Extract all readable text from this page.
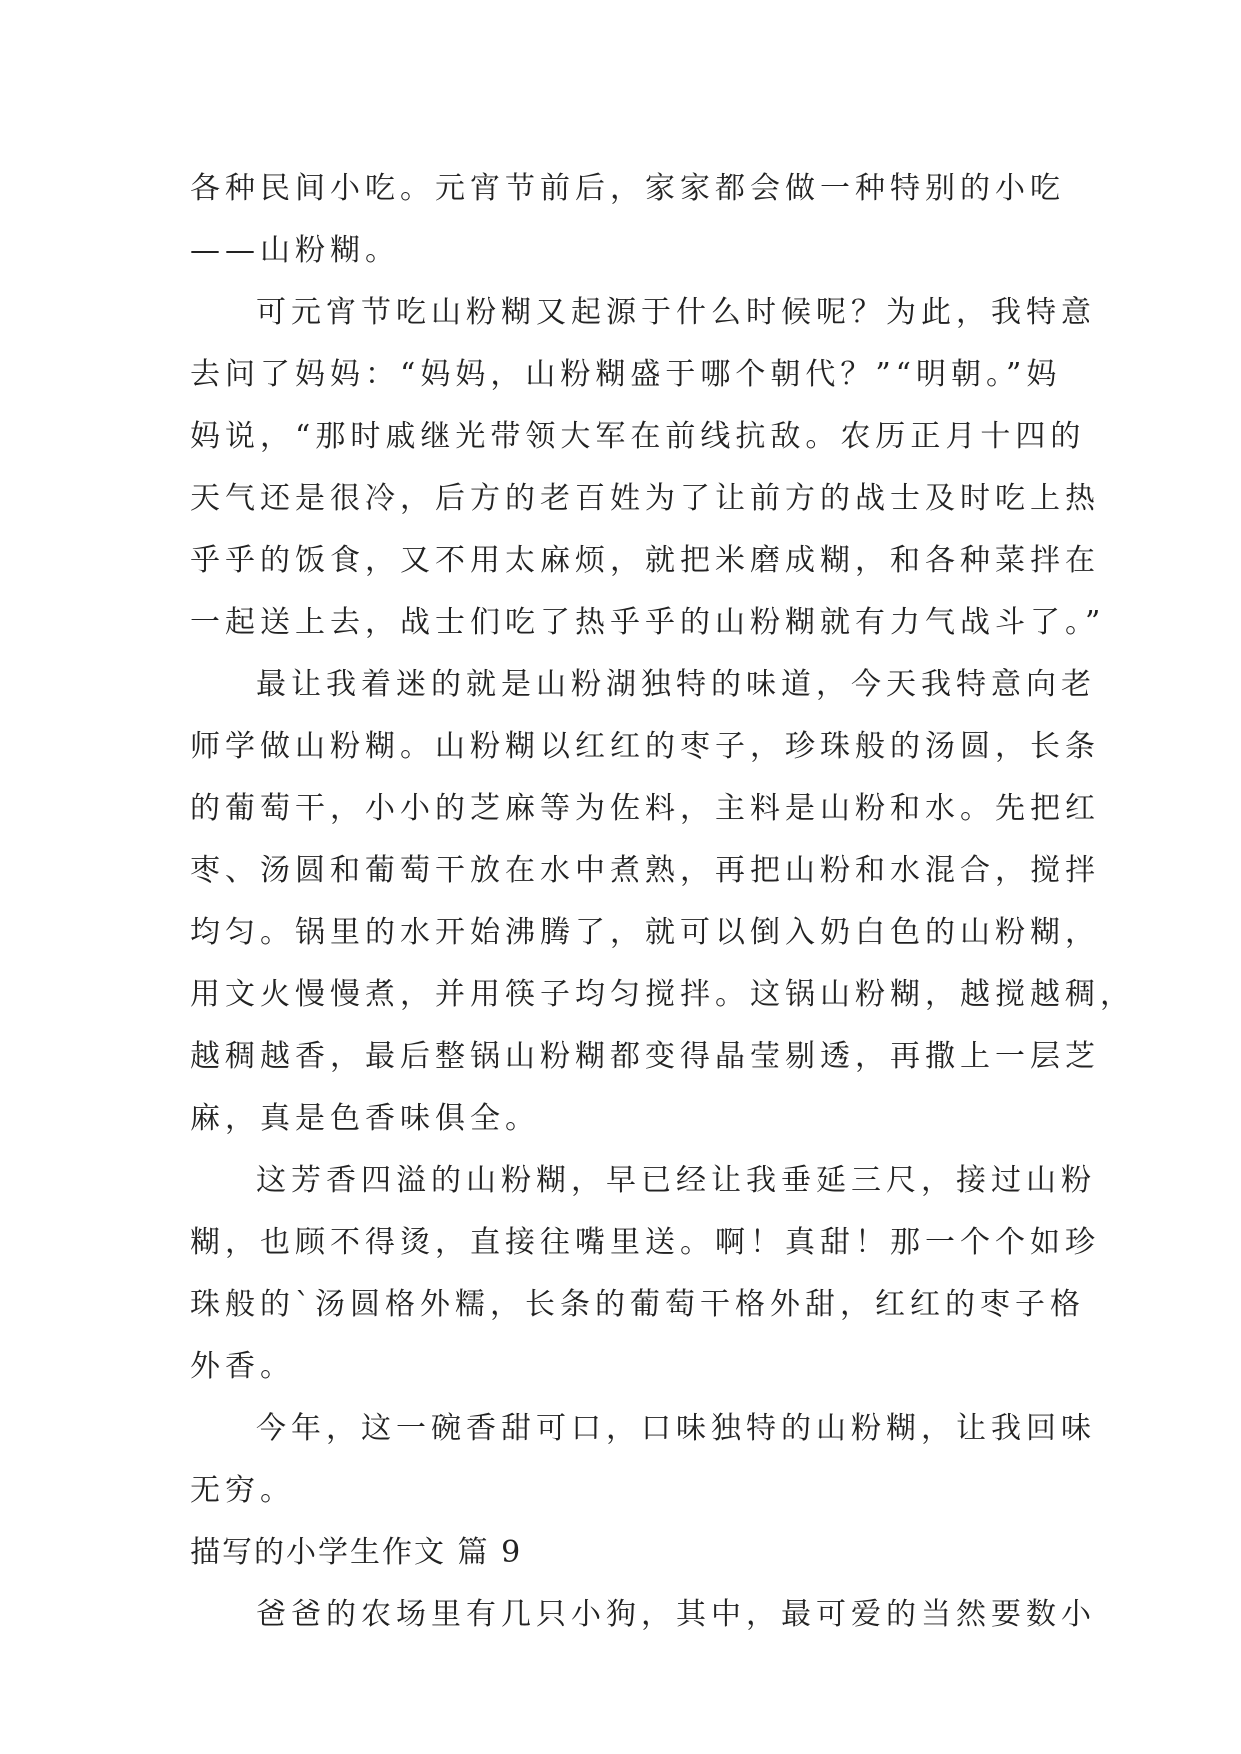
各种民间小吃。元宵节前后，家家都会做一种特别的小吃
——山粉糊。
可元宵节吃山粉糊又起源于什么时候呢？为此，我特意
去问了妈妈：“妈妈，山粉糊盛于哪个朝代？”“明朝。”妈
妈说，“那时戚继光带领大军在前线抗敌。农历正月十四的
天气还是很冷，后方的老百姓为了让前方的战士及时吃上热
乎乎的饭食，又不用太麻烦，就把米磨成糊，和各种菜拌在
一起送上去，战士们吃了热乎乎的山粉糊就有力气战斗了。”
最让我着迷的就是山粉湖独特的味道，今天我特意向老
师学做山粉糊。山粉糊以红红的枣子，珍珠般的汤圆，长条
的葡萄干，小小的芝麻等为佐料，主料是山粉和水。先把红
枣、汤圆和葡萄干放在水中煮熟，再把山粉和水混合，搅拌
均匀。锅里的水开始沸腾了，就可以倒入奶白色的山粉糊，
用文火慢慢煮，并用筷子均匀搅拌。这锅山粉糊，越搅越稠，
越稠越香，最后整锅山粉糊都变得晶莹剔透，再撒上一层芝
麻，真是色香味俱全。
这芳香四溢的山粉糊，早已经让我垂延三尺，接过山粉
糊，也顾不得烫，直接往嘴里送。啊！真甜！那一个个如珍
珠般的`汤圆格外糯，长条的葡萄干格外甜，红红的枣子格
外香。
今年，这一碗香甜可口，口味独特的山粉糊，让我回味
无穷。
描写的小学生作文 篇 9
爸爸的农场里有几只小狗，其中，最可爱的当然要数小
